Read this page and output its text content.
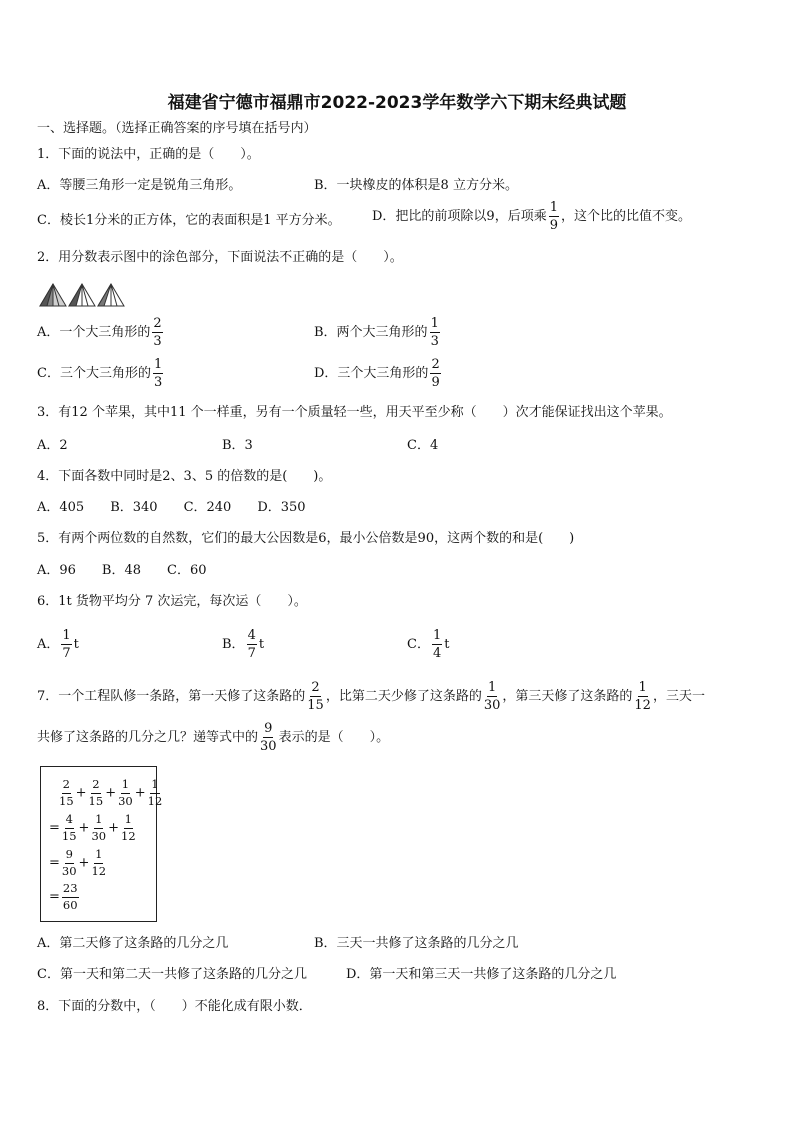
福建省宁德市福鼎市2022-2023学年数学六下期末经典试题
一、选择题。（选择正确答案的序号填在括号内）
1．下面的说法中，正确的是（　　）。
A．等腰三角形一定是锐角三角形。	B．一块橡皮的体积是8 立方分米。
C．棱长1分米的正方体，它的表面积是1 平方分米。 D．把比的前项除以9，后项乘 $\frac{1}{9}$ ，这个比的比值不变。
2．用分数表示图中的涂色部分，下面说法不正确的是（　　）。
A．一个大三角形的 $\frac{2}{3}$	B．两个大三角形的 $\frac{1}{3}$
C．三个大三角形的 $\frac{1}{3}$	D．三个大三角形的 $\frac{2}{9}$
3．有12 个苹果，其中11 个一样重，另有一个质量轻一些，用天平至少称（　　）次才能保证找出这个苹果。
A．2	B．3	C．4
4．下面各数中同时是2、3、5 的倍数的是(　　)。
A．405　　B．340　　C．240　　D．350
5．有两个两位数的自然数，它们的最大公因数是6，最小公倍数是90，这两个数的和是(　　)
A．96　　B．48　　C．60
6．1t 货物平均分 7 次运完，每次运（　　）。
A． $\frac{1}{7}$ t	B． $\frac{4}{7}$ t	C． $\frac{1}{4}$ t
7．一个工程队修一条路，第一天修了这条路的 $\frac{2}{15}$ ，比第二天少修了这条路的 $\frac{1}{30}$ ，第三天修了这条路的 $\frac{1}{12}$ ，三天一
共修了这条路的几分之几？递等式中的 $\frac{9}{30}$ 表示的是（　　）。
$\frac{2}{15} + \frac{2}{15} + \frac{1}{30} + \frac{1}{12}$
= $\frac{4}{15} + \frac{1}{30} + \frac{1}{12}$
= $\frac{9}{30} + \frac{1}{12}$
= $\frac{23}{60}$
A．第二天修了这条路的几分之几	B．三天一共修了这条路的几分之几
C．第一天和第二天一共修了这条路的几分之几	D．第一天和第三天一共修了这条路的几分之几
8．下面的分数中，（　　）不能化成有限小数．
